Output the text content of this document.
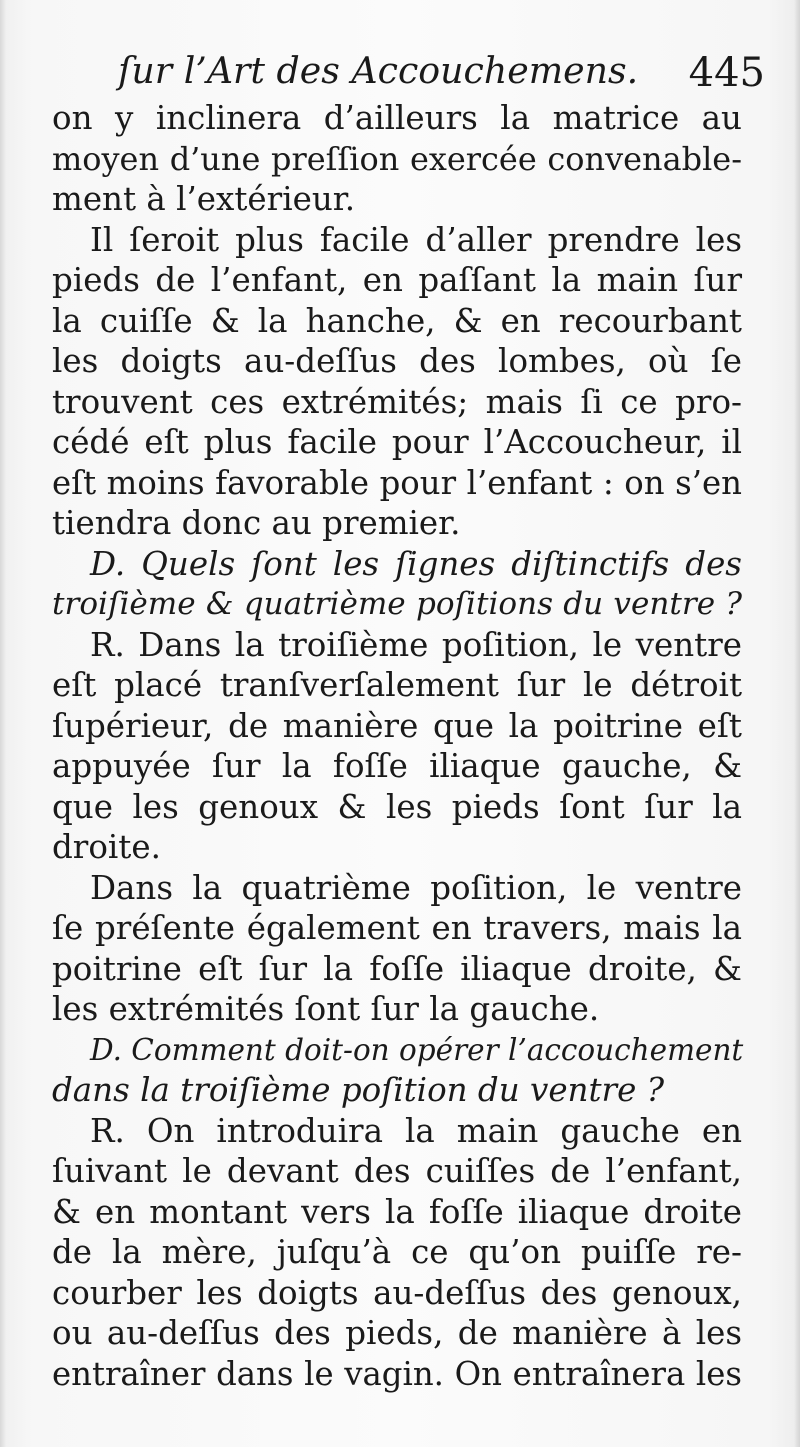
ſur l’Art des Accouchemens.	445
on y inclinera d’ailleurs la matrice au
moyen d’une preſſion exercée convenable-
ment à l’extérieur.
Il ſeroit plus facile d’aller prendre les
pieds de l’enfant, en paſſant la main ſur
la cuiſſe & la hanche, & en recourbant
les doigts au-deſſus des lombes, où ſe
trouvent ces extrémités; mais ſi ce pro-
cédé eſt plus facile pour l’Accoucheur, il
eſt moins favorable pour l’enfant : on s’en
tiendra donc au premier.
D. Quels ſont les ſignes diſtinctifs des
troiſième & quatrième poſitions du ventre ?
R. Dans la troiſième poſition, le ventre
eſt placé tranſverſalement ſur le détroit
ſupérieur, de manière que la poitrine eſt
appuyée ſur la foſſe iliaque gauche, &
que les genoux & les pieds ſont ſur la
droite.
Dans la quatrième poſition, le ventre
ſe préſente également en travers, mais la
poitrine eſt ſur la foſſe iliaque droite, &
les extrémités ſont ſur la gauche.
D. Comment doit-on opérer l’accouchement
dans la troiſième poſition du ventre ?
R. On introduira la main gauche en
ſuivant le devant des cuiſſes de l’enfant,
& en montant vers la foſſe iliaque droite
de la mère, juſqu’à ce qu’on puiſſe re-
courber les doigts au-deſſus des genoux,
ou au-deſſus des pieds, de manière à les
entraîner dans le vagin. On entraînera les
